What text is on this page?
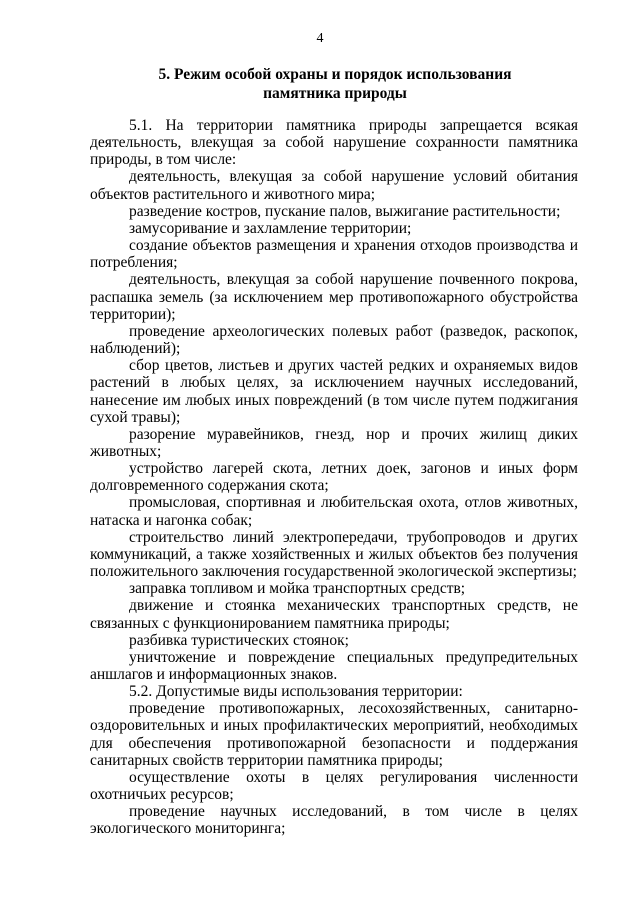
4
5. Режим особой охраны и порядок использования
памятника природы

5.1. На территории памятника природы запрещается всякая деятельность, влекущая за собой нарушение сохранности памятника природы, в том числе:

деятельность, влекущая за собой нарушение условий обитания объектов растительного и животного мира;

разведение костров, пускание палов, выжигание растительности;

замусоривание и захламление территории;

создание объектов размещения и хранения отходов производства и потребления;

деятельность, влекущая за собой нарушение почвенного покрова, распашка земель (за исключением мер противопожарного обустройства территории);

проведение археологических полевых работ (разведок, раскопок, наблюдений);

сбор цветов, листьев и других частей редких и охраняемых видов растений в любых целях, за исключением научных исследований, нанесение им любых иных повреждений (в том числе путем поджигания сухой травы);

разорение муравейников, гнезд, нор и прочих жилищ диких животных;

устройство лагерей скота, летних доек, загонов и иных форм долговременного содержания скота;

промысловая, спортивная и любительская охота, отлов животных, натаска и нагонка собак;

строительство линий электропередачи, трубопроводов и других коммуникаций, а также хозяйственных и жилых объектов без получения положительного заключения государственной экологической экспертизы;

заправка топливом и мойка транспортных средств;

движение и стоянка механических транспортных средств, не связанных с функционированием памятника природы;

разбивка туристических стоянок;

уничтожение и повреждение специальных предупредительных аншлагов и информационных знаков.

5.2. Допустимые виды использования территории:

проведение противопожарных, лесохозяйственных, санитарно-оздоровительных и иных профилактических мероприятий, необходимых для обеспечения противопожарной безопасности и поддержания санитарных свойств территории памятника природы;

осуществление охоты в целях регулирования численности охотничьих ресурсов;

проведение научных исследований, в том числе в целях экологического мониторинга;
